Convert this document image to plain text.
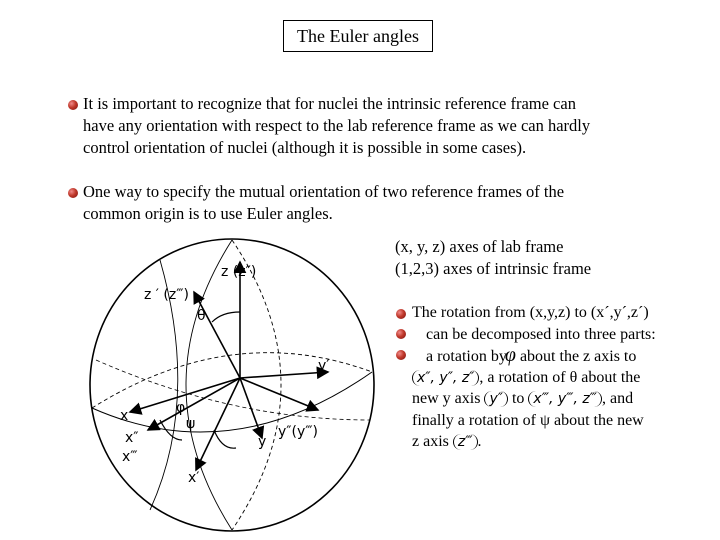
The Euler angles

It is important to recognize that for nuclei the intrinsic reference frame can

have any orientation with respect to the lab reference frame as we can hardly

control orientation of nuclei (although it is possible in some cases).

One way to specify the mutual orientation of two reference frames of the

common origin is to use Euler angles.

(x, y, z) axes of lab frame
(1,2,3) axes of intrinsic frame
The rotation from (x,y,z) to (x´,y´,z´)
can be decomposed into three parts:
a rotation by φ about the z axis to
x″, y″, z″ , a rotation of θ about the
new y axis y″ to x‴, y‴, z‴ , and
finally a rotation of ψ about the new
z axis z‴ .
z (z″)
z ′ (z‴)
θ
y′
x	φ
ψ
x″
x‴
x′
y
y″(y‴)
